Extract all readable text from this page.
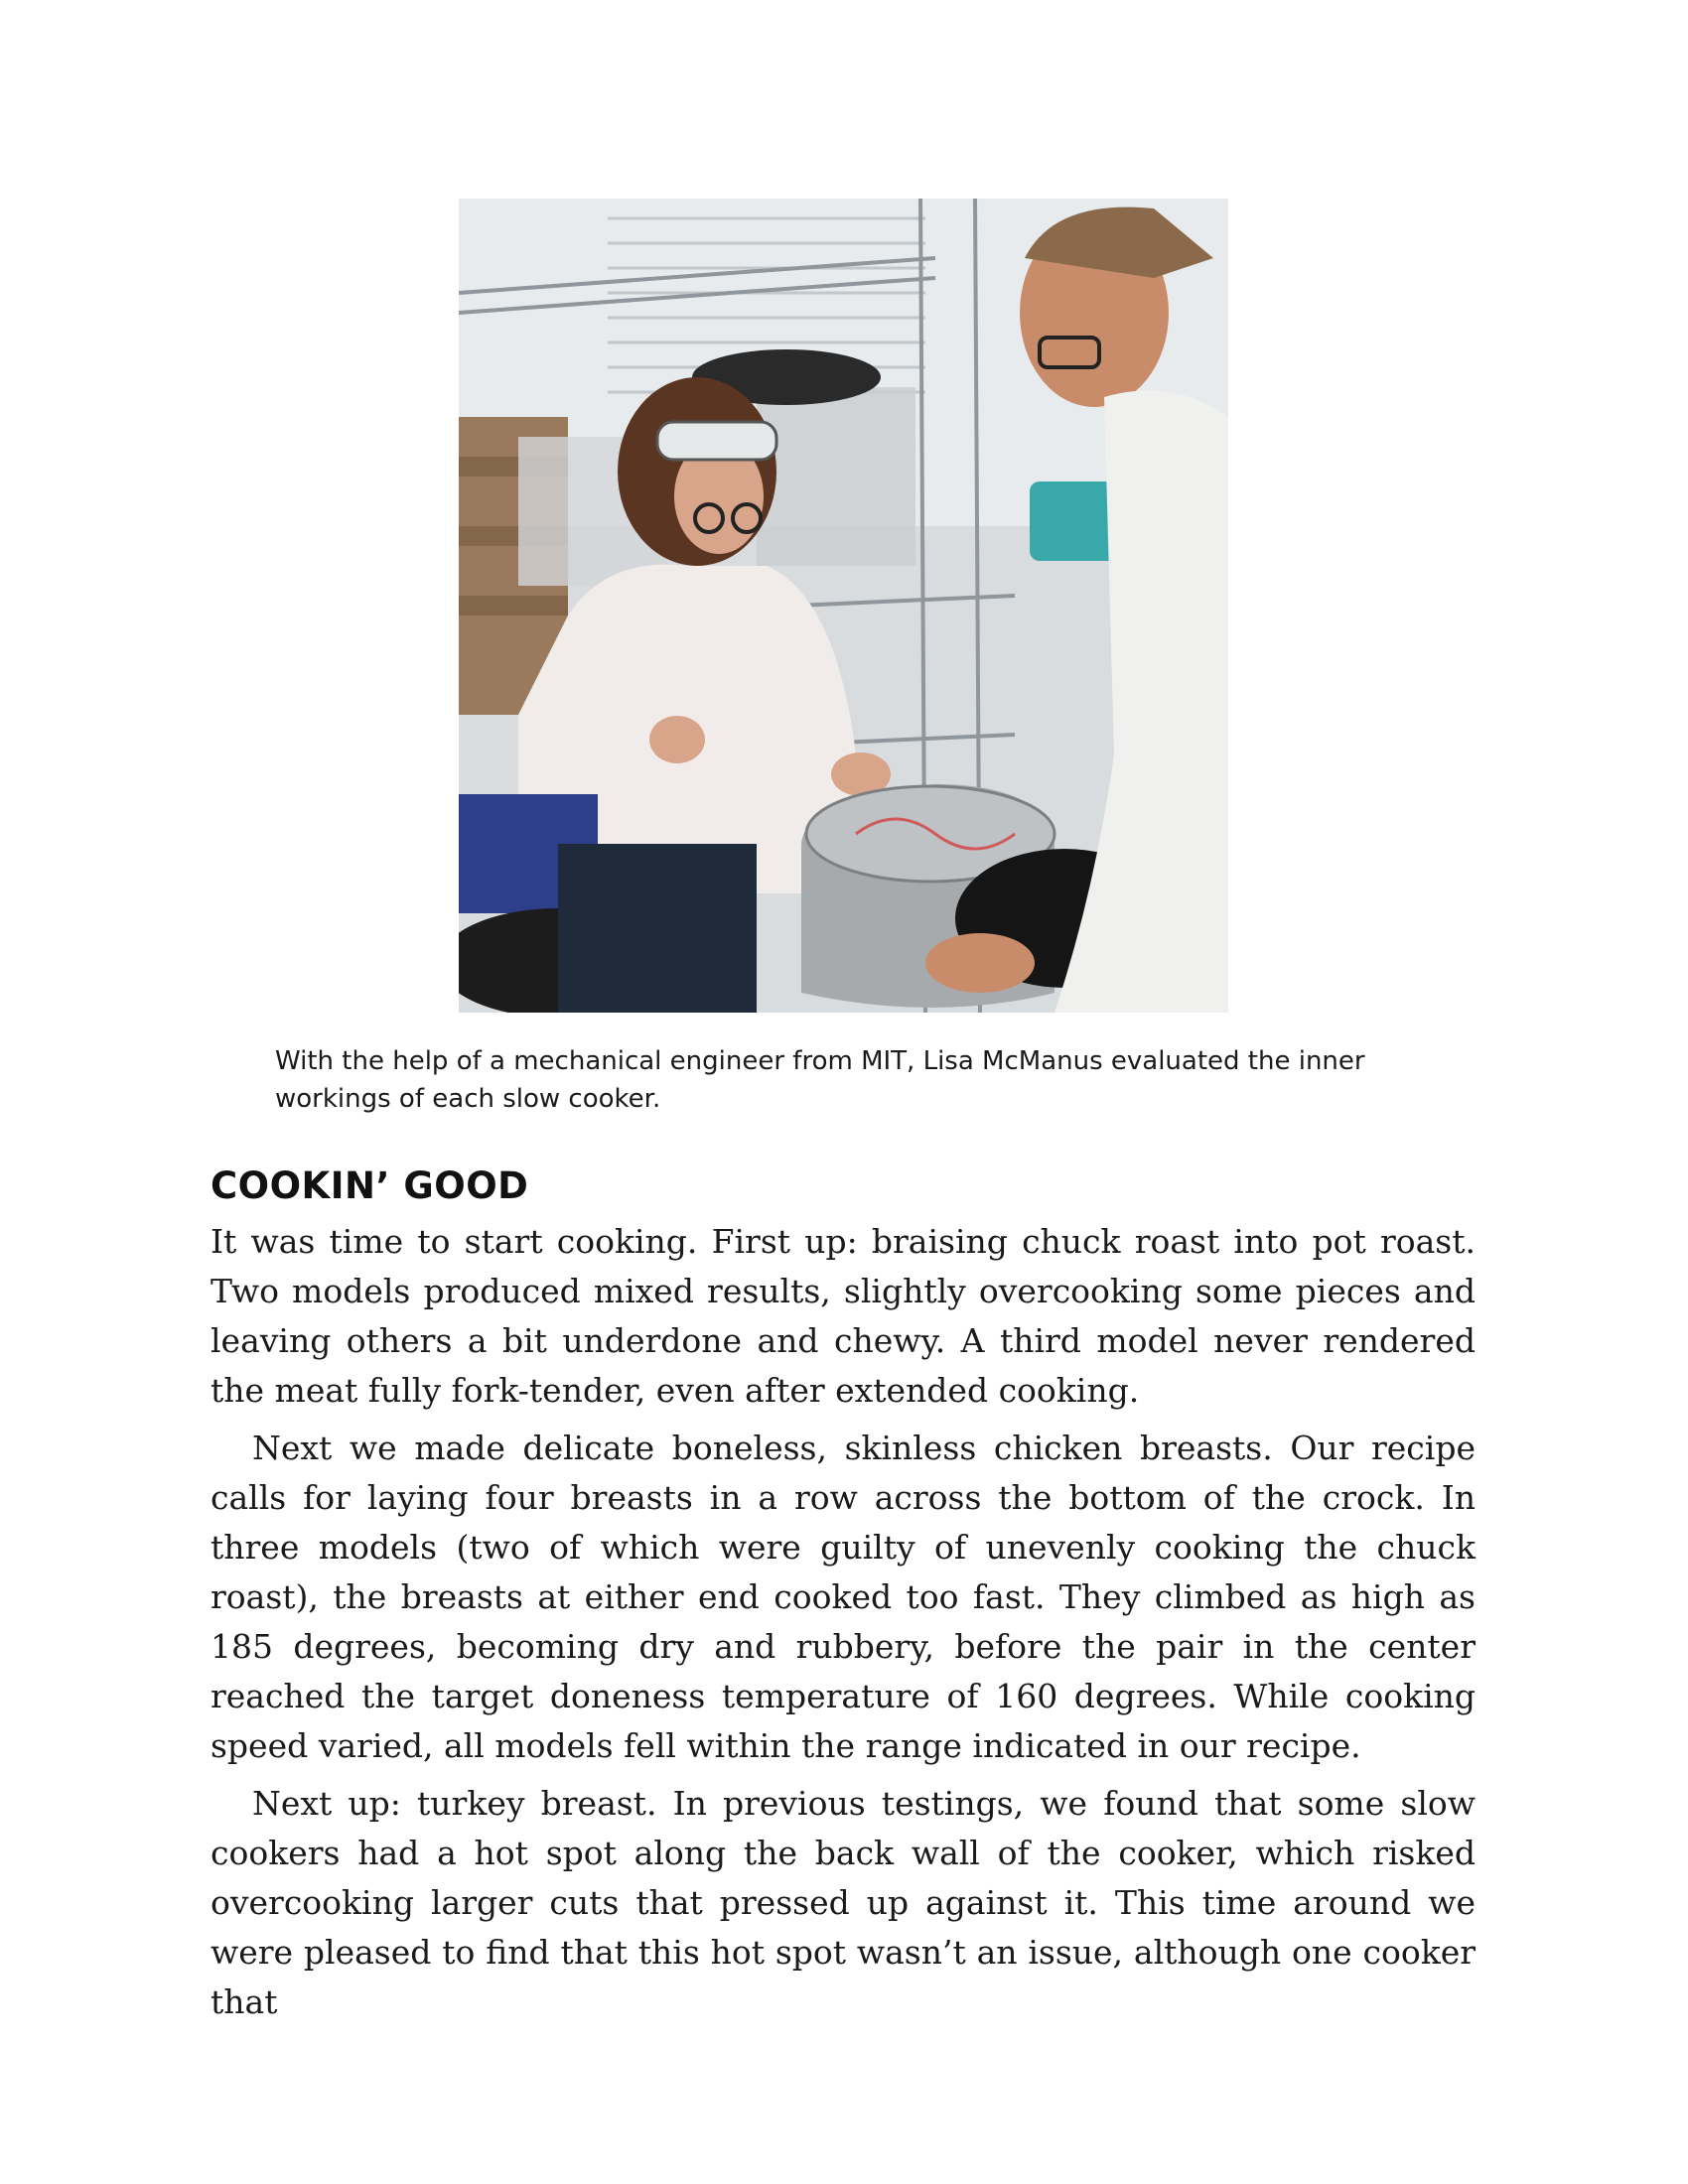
With the help of a mechanical engineer from MIT, Lisa McManus evaluated the inner workings of each slow cooker.

COOKIN’ GOOD

It was time to start cooking. First up: braising chuck roast into pot roast. Two models produced mixed results, slightly overcooking some pieces and leaving others a bit underdone and chewy. A third model never rendered the meat fully fork-tender, even after extended cooking.

Next we made delicate boneless, skinless chicken breasts. Our recipe calls for laying four breasts in a row across the bottom of the crock. In three models (two of which were guilty of unevenly cooking the chuck roast), the breasts at either end cooked too fast. They climbed as high as 185 degrees, becoming dry and rubbery, before the pair in the center reached the target doneness temperature of 160 degrees. While cooking speed varied, all models fell within the range indicated in our recipe.

Next up: turkey breast. In previous testings, we found that some slow cookers had a hot spot along the back wall of the cooker, which risked overcooking larger cuts that pressed up against it. This time around we were pleased to find that this hot spot wasn’t an issue, although one cooker that
